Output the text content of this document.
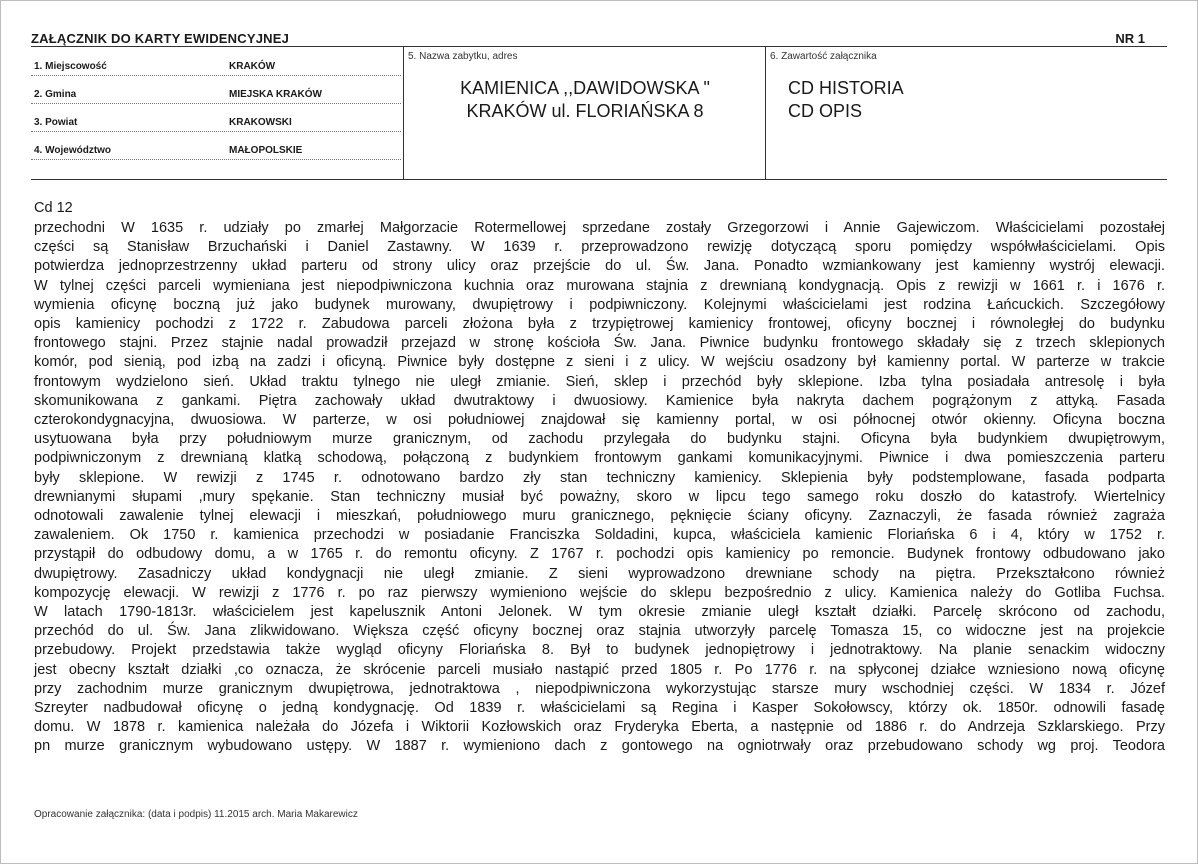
ZAŁĄCZNIK DO KARTY EWIDENCYJNEJ	NR 1
1. Miejscowość	KRAKÓW
2. Gmina	MIEJSKA KRAKÓW
3. Powiat	KRAKOWSKI
4. Województwo	MAŁOPOLSKIE
5. Nazwa zabytku, adres
KAMIENICA ,,DAWIDOWSKA "
KRAKÓW ul. FLORIAŃSKA 8
6. Zawartość załącznika
CD HISTORIA
CD OPIS
Cd 12
przechodni W 1635 r. udziały po zmarłej Małgorzacie Rotermellowej sprzedane zostały Grzegorzowi i Annie Gajewiczom. Właścicielami pozostałej
części są Stanisław Brzuchański i Daniel Zastawny. W 1639 r. przeprowadzono rewizję dotyczącą sporu pomiędzy współwłaścicielami. Opis
potwierdza jednoprzestrzenny układ parteru od strony ulicy oraz przejście do ul. Św. Jana. Ponadto wzmiankowany jest kamienny wystrój elewacji.
W tylnej części parceli wymieniana jest niepodpiwniczona kuchnia oraz murowana stajnia z drewnianą kondygnacją. Opis z rewizji w 1661 r. i 1676 r.
wymienia oficynę boczną już jako budynek murowany, dwupiętrowy i podpiwniczony. Kolejnymi właścicielami jest rodzina Łańcuckich. Szczegółowy
opis kamienicy pochodzi z 1722 r. Zabudowa parceli złożona była z trzypiętrowej kamienicy frontowej, oficyny bocznej i równoległej do budynku
frontowego stajni. Przez stajnie nadal prowadził przejazd w stronę kościoła Św. Jana. Piwnice budynku frontowego składały się z trzech sklepionych
komór, pod sienią, pod izbą na zadzi i oficyną. Piwnice były dostępne z sieni i z ulicy. W wejściu osadzony był kamienny portal. W parterze w trakcie
frontowym wydzielono sień. Układ traktu tylnego nie uległ zmianie. Sień, sklep i przechód były sklepione. Izba tylna posiadała antresolę i była
skomunikowana z gankami. Piętra zachowały układ dwutraktowy i dwuosiowy. Kamienice była nakryta dachem pogrążonym z attyką. Fasada
czterokondygnacyjna, dwuosiowa. W parterze, w osi południowej znajdował się kamienny portal, w osi północnej otwór okienny. Oficyna boczna
usytuowana była przy południowym murze granicznym, od zachodu przylegała do budynku stajni. Oficyna była budynkiem dwupiętrowym,
podpiwniczonym z drewnianą klatką schodową, połączoną z budynkiem frontowym gankami komunikacyjnymi. Piwnice i dwa pomieszczenia parteru
były sklepione. W rewizji z 1745 r. odnotowano bardzo zły stan techniczny kamienicy. Sklepienia były podstemplowane, fasada podparta
drewnianymi słupami ,mury spękanie. Stan techniczny musiał być poważny, skoro w lipcu tego samego roku doszło do katastrofy. Wiertelnicy
odnotowali zawalenie tylnej elewacji i mieszkań, południowego muru granicznego, pęknięcie ściany oficyny. Zaznaczyli, że fasada również zagraża
zawaleniem. Ok 1750 r. kamienica przechodzi w posiadanie Franciszka Soldadini, kupca, właściciela kamienic Floriańska 6 i 4, który w 1752 r.
przystąpił do odbudowy domu, a w 1765 r. do remontu oficyny. Z 1767 r. pochodzi opis kamienicy po remoncie. Budynek frontowy odbudowano jako
dwupiętrowy. Zasadniczy układ kondygnacji nie uległ zmianie. Z sieni wyprowadzono drewniane schody na piętra. Przekształcono również
kompozycję elewacji. W rewizji z 1776 r. po raz pierwszy wymieniono wejście do sklepu bezpośrednio z ulicy. Kamienica należy do Gotliba Fuchsa.
W latach 1790-1813r. właścicielem jest kapelusznik Antoni Jelonek. W tym okresie zmianie uległ kształt działki. Parcelę skrócono od zachodu,
przechód do ul. Św. Jana zlikwidowano. Większa część oficyny bocznej oraz stajnia utworzyły parcelę Tomasza 15, co widoczne jest na projekcie
przebudowy. Projekt przedstawia także wygląd oficyny Floriańska 8. Był to budynek jednopiętrowy i jednotraktowy. Na planie senackim widoczny
jest obecny kształt działki ,co oznacza, że skrócenie parceli musiało nastąpić przed 1805 r. Po 1776 r. na spłyconej działce wzniesiono nową oficynę
przy zachodnim murze granicznym dwupiętrowa, jednotraktowa , niepodpiwniczona wykorzystując starsze mury wschodniej części. W 1834 r. Józef
Szreyter nadbudował oficynę o jedną kondygnację. Od 1839 r. właścicielami są Regina i Kasper Sokołowscy, którzy ok. 1850r. odnowili fasadę
domu. W 1878 r. kamienica należała do Józefa i Wiktorii Kozłowskich oraz Fryderyka Eberta, a następnie od 1886 r. do Andrzeja Szklarskiego. Przy
pn murze granicznym wybudowano ustępy. W 1887 r. wymieniono dach z gontowego na ogniotrwały oraz przebudowano schody wg proj. Teodora
Opracowanie załącznika: (data i podpis) 11.2015 arch. Maria Makarewicz
